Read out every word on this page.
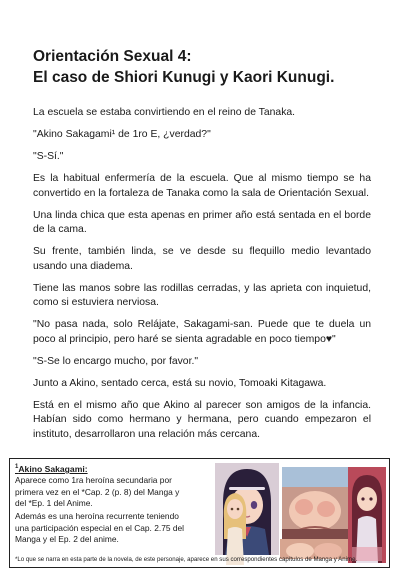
Orientación Sexual 4:
El caso de Shiori Kunugi y Kaori Kunugi.

La escuela se estaba convirtiendo en el reino de Tanaka.

"Akino Sakagami¹ de 1ro E, ¿verdad?"

"S-Sí."

Es la habitual enfermería de la escuela. Que al mismo tiempo se ha convertido en la fortaleza de Tanaka como la sala de Orientación Sexual.

Una linda chica que esta apenas en primer año está sentada en el borde de la cama.

Su frente, también linda, se ve desde su flequillo medio levantado usando una diadema.

Tiene las manos sobre las rodillas cerradas, y las aprieta con inquietud, como si estuviera nerviosa.

"No pasa nada, solo Relájate, Sakagami-san. Puede que te duela un poco al principio, pero haré se sienta agradable en poco tiempo♥"

"S-Se lo encargo mucho, por favor."

Junto a Akino, sentado cerca, está su novio, Tomoaki Kitagawa.

Está en el mismo año que Akino al parecer son amigos de la infancia. Habían sido como hermano y hermana, pero cuando empezaron el instituto, desarrollaron una relación más cercana.

$^1$Akino Sakagami:
Aparece como 1ra heroína secundaria por
primera vez en el *Cap. 2 (p. 8) del Manga y
del *Ep. 1 del Anime.
Además es una heroína recurrente teniendo
una participación especial en el Cap. 2.75 del
Manga y el Ep. 2 del anime.
*Lo que se narra en esta parte de la novela, de este personaje, aparece en sus correspondientes capítulos de Manga y Anime.
